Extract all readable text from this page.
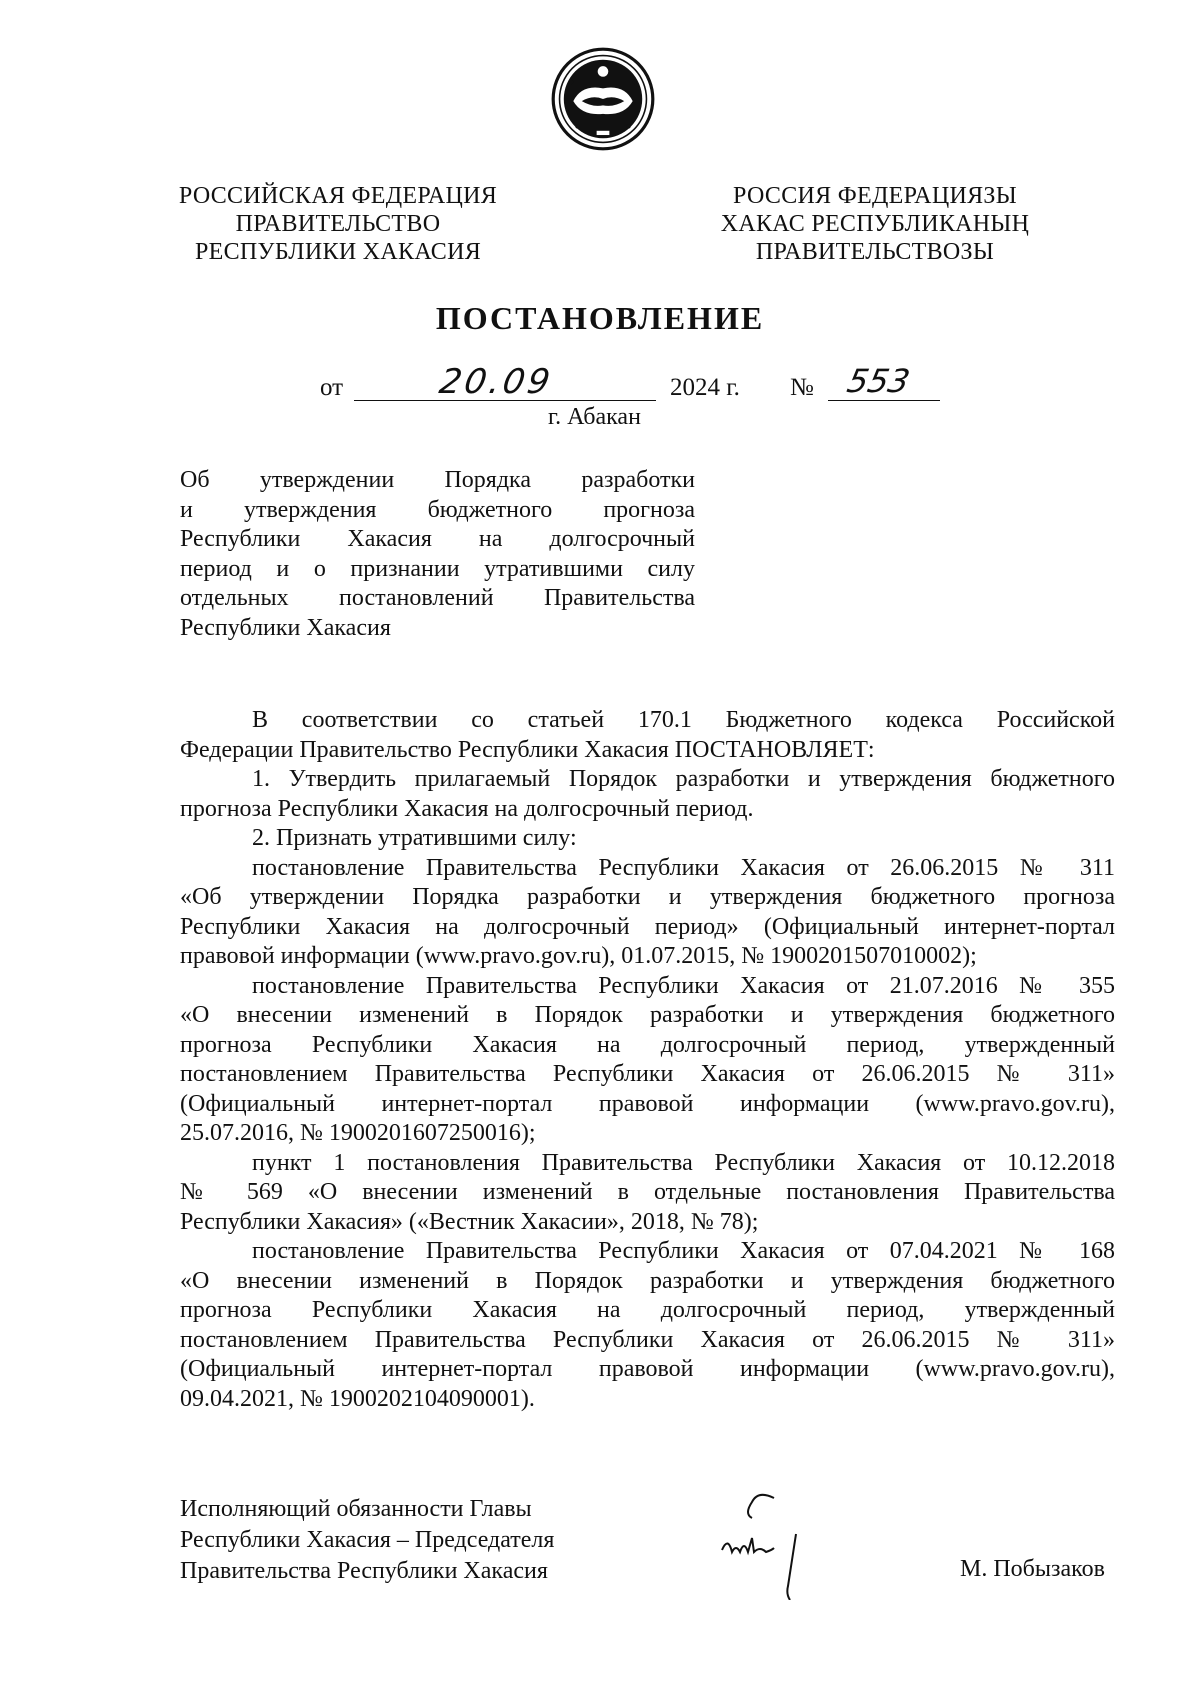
РОССИЙСКАЯ ФЕДЕРАЦИЯ
ПРАВИТЕЛЬСТВО
РЕСПУБЛИКИ ХАКАСИЯ
РОССИЯ ФЕДЕРАЦИЯЗЫ
ХАКАС РЕСПУБЛИКАНЫҢ
ПРАВИТЕЛЬСТВОЗЫ
ПОСТАНОВЛЕНИЕ
от	20.09	2024 г. № 553
г. Абакан
Об утверждении Порядка разработки
и утверждения бюджетного прогноза
Республики Хакасия на долгосрочный
период и о признании утратившими силу
отдельных постановлений Правительства
Республики Хакасия
В соответствии со статьей 170.1 Бюджетного кодекса Российской
Федерации Правительство Республики Хакасия ПОСТАНОВЛЯЕТ:
1. Утвердить прилагаемый Порядок разработки и утверждения бюджетного
прогноза Республики Хакасия на долгосрочный период.
2. Признать утратившими силу:
постановление Правительства Республики Хакасия от 26.06.2015 № 311
«Об утверждении Порядка разработки и утверждения бюджетного прогноза
Республики Хакасия на долгосрочный период» (Официальный интернет-портал
правовой информации (www.pravo.gov.ru), 01.07.2015, № 1900201507010002);
постановление Правительства Республики Хакасия от 21.07.2016 № 355
«О внесении изменений в Порядок разработки и утверждения бюджетного
прогноза Республики Хакасия на долгосрочный период, утвержденный
постановлением Правительства Республики Хакасия от 26.06.2015 № 311»
(Официальный интернет-портал правовой информации (www.pravo.gov.ru),
25.07.2016, № 1900201607250016);
пункт 1 постановления Правительства Республики Хакасия от 10.12.2018
№ 569 «О внесении изменений в отдельные постановления Правительства
Республики Хакасия» («Вестник Хакасии», 2018, № 78);
постановление Правительства Республики Хакасия от 07.04.2021 № 168
«О внесении изменений в Порядок разработки и утверждения бюджетного
прогноза Республики Хакасия на долгосрочный период, утвержденный
постановлением Правительства Республики Хакасия от 26.06.2015 № 311»
(Официальный интернет-портал правовой информации (www.pravo.gov.ru),
09.04.2021, № 1900202104090001).
Исполняющий обязанности Главы
Республики Хакасия – Председателя
Правительства Республики Хакасия	М. Побызаков
